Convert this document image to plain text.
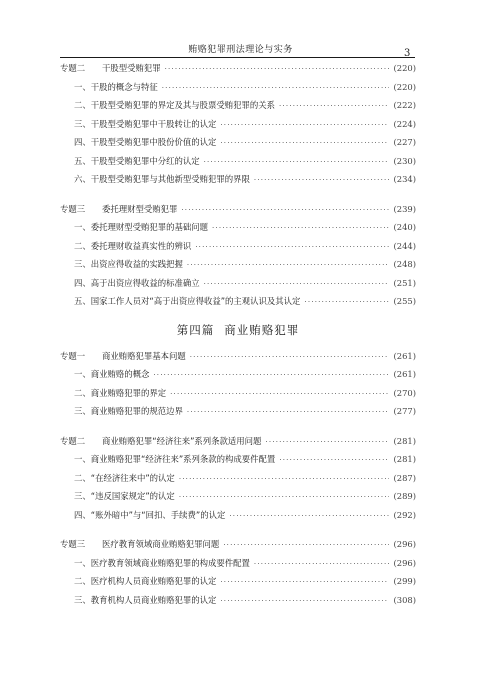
贿赂犯罪刑法理论与实务	3
专题二 干股型受贿犯罪 ·····	(220)
一、干股的概念与特征 ·····	(220)
二、干股型受贿犯罪的界定及其与股票受贿犯罪的关系 ·····	(222)
三、干股型受贿犯罪中干股转让的认定 ·····	(224)
四、干股型受贿犯罪中股份价值的认定 ·····	(227)
五、干股型受贿犯罪中分红的认定 ·····	(230)
六、干股型受贿犯罪与其他新型受贿犯罪的界限 ·····	(234)
专题三 委托理财型受贿犯罪 ·····	(239)
一、委托理财型受贿犯罪的基础问题 ·····	(240)
二、委托理财收益真实性的辨识 ·····	(244)
三、出资应得收益的实践把握 ·····	(248)
四、高于出资应得收益的标准确立 ·····	(251)
五、国家工作人员对“高于出资应得收益”的主观认识及其认定 ·····	(255)
第四篇 商业贿赂犯罪
专题一 商业贿赂犯罪基本问题 ·····	(261)
一、商业贿赂的概念 ·····	(261)
二、商业贿赂犯罪的界定 ·····	(270)
三、商业贿赂犯罪的规范边界 ·····	(277)
专题二 商业贿赂犯罪“经济往来”系列条款适用问题 ·····	(281)
一、商业贿赂犯罪“经济往来”系列条款的构成要件配置 ·····	(281)
二、“在经济往来中”的认定 ·····	(287)
三、“违反国家规定”的认定 ·····	(289)
四、“账外暗中”与“回扣、手续费”的认定 ·····	(292)
专题三 医疗教育领域商业贿赂犯罪问题 ·····	(296)
一、医疗教育领域商业贿赂犯罪的构成要件配置 ·····	(296)
二、医疗机构人员商业贿赂犯罪的认定 ·····	(299)
三、教育机构人员商业贿赂犯罪的认定 ·····	(308)
